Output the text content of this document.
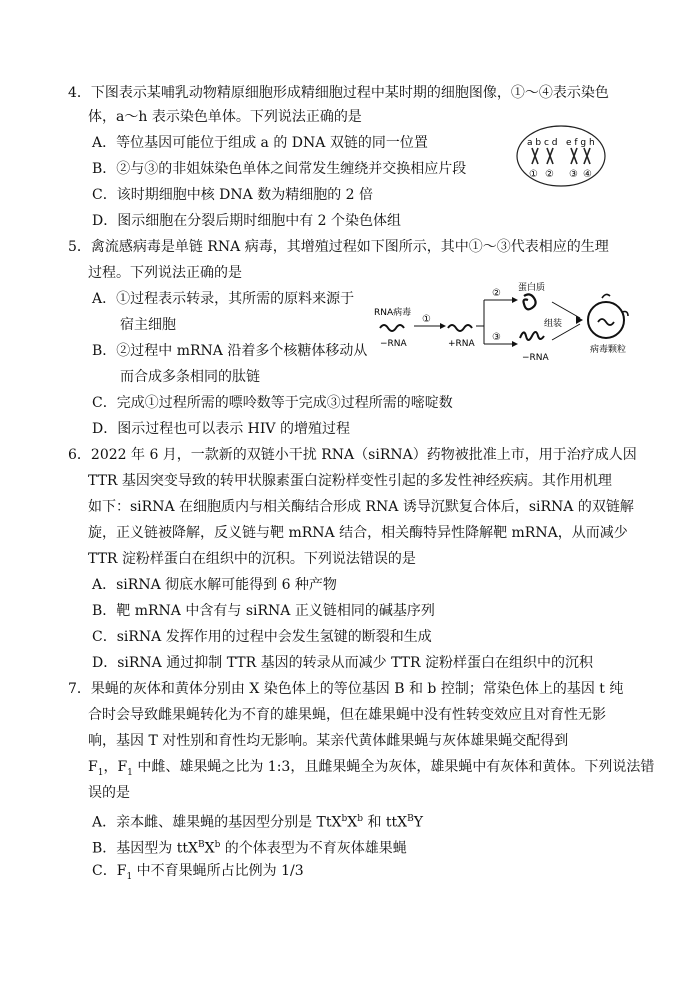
4．下图表示某哺乳动物精原细胞形成精细胞过程中某时期的细胞图像，①～④表示染色
体，a～h 表示染色单体。下列说法正确的是
A．等位基因可能位于组成 a 的 DNA 双链的同一位置
B．②与③的非姐妹染色单体之间常发生缠绕并交换相应片段
C．该时期细胞中核 DNA 数为精细胞的 2 倍
D．图示细胞在分裂后期时细胞中有 2 个染色体组
a b c d e f g h
① ② ③ ④
5．禽流感病毒是单链 RNA 病毒，其增殖过程如下图所示，其中①～③代表相应的生理
过程。下列说法正确的是
A．①过程表示转录，其所需的原料来源于
宿主细胞
B．②过程中 mRNA 沿着多个核糖体移动从
而合成多条相同的肽链
C．完成①过程所需的嘌呤数等于完成③过程所需的嘧啶数
D．图示过程也可以表示 HIV 的增殖过程
RNA病毒
−RNA
①
+RNA
②
③
蛋白质
−RNA
组装
病毒颗粒
6．2022 年 6 月，一款新的双链小干扰 RNA（siRNA）药物被批准上市，用于治疗成人因
TTR 基因突变导致的转甲状腺素蛋白淀粉样变性引起的多发性神经疾病。其作用机理
如下：siRNA 在细胞质内与相关酶结合形成 RNA 诱导沉默复合体后，siRNA 的双链解
旋，正义链被降解，反义链与靶 mRNA 结合，相关酶特异性降解靶 mRNA，从而减少
TTR 淀粉样蛋白在组织中的沉积。下列说法错误的是
A．siRNA 彻底水解可能得到 6 种产物
B．靶 mRNA 中含有与 siRNA 正义链相同的碱基序列
C．siRNA 发挥作用的过程中会发生氢键的断裂和生成
D．siRNA 通过抑制 TTR 基因的转录从而减少 TTR 淀粉样蛋白在组织中的沉积
7．果蝇的灰体和黄体分别由 X 染色体上的等位基因 B 和 b 控制；常染色体上的基因 t 纯
合时会导致雌果蝇转化为不育的雄果蝇，但在雄果蝇中没有性转变效应且对育性无影
响，基因 T 对性别和育性均无影响。某亲代黄体雌果蝇与灰体雄果蝇交配得到
$F_1$，$F_1$ 中雌、雄果蝇之比为 1:3，且雌果蝇全为灰体，雄果蝇中有灰体和黄体。下列说法错
误的是
A．亲本雌、雄果蝇的基因型分别是 $TtX^bX^b$ 和 ttX$^B$Y
B．基因型为 $ttX^BX^b$ 的个体表型为不育灰体雄果蝇
C．$F_1$ 中不育果蝇所占比例为 1/3
